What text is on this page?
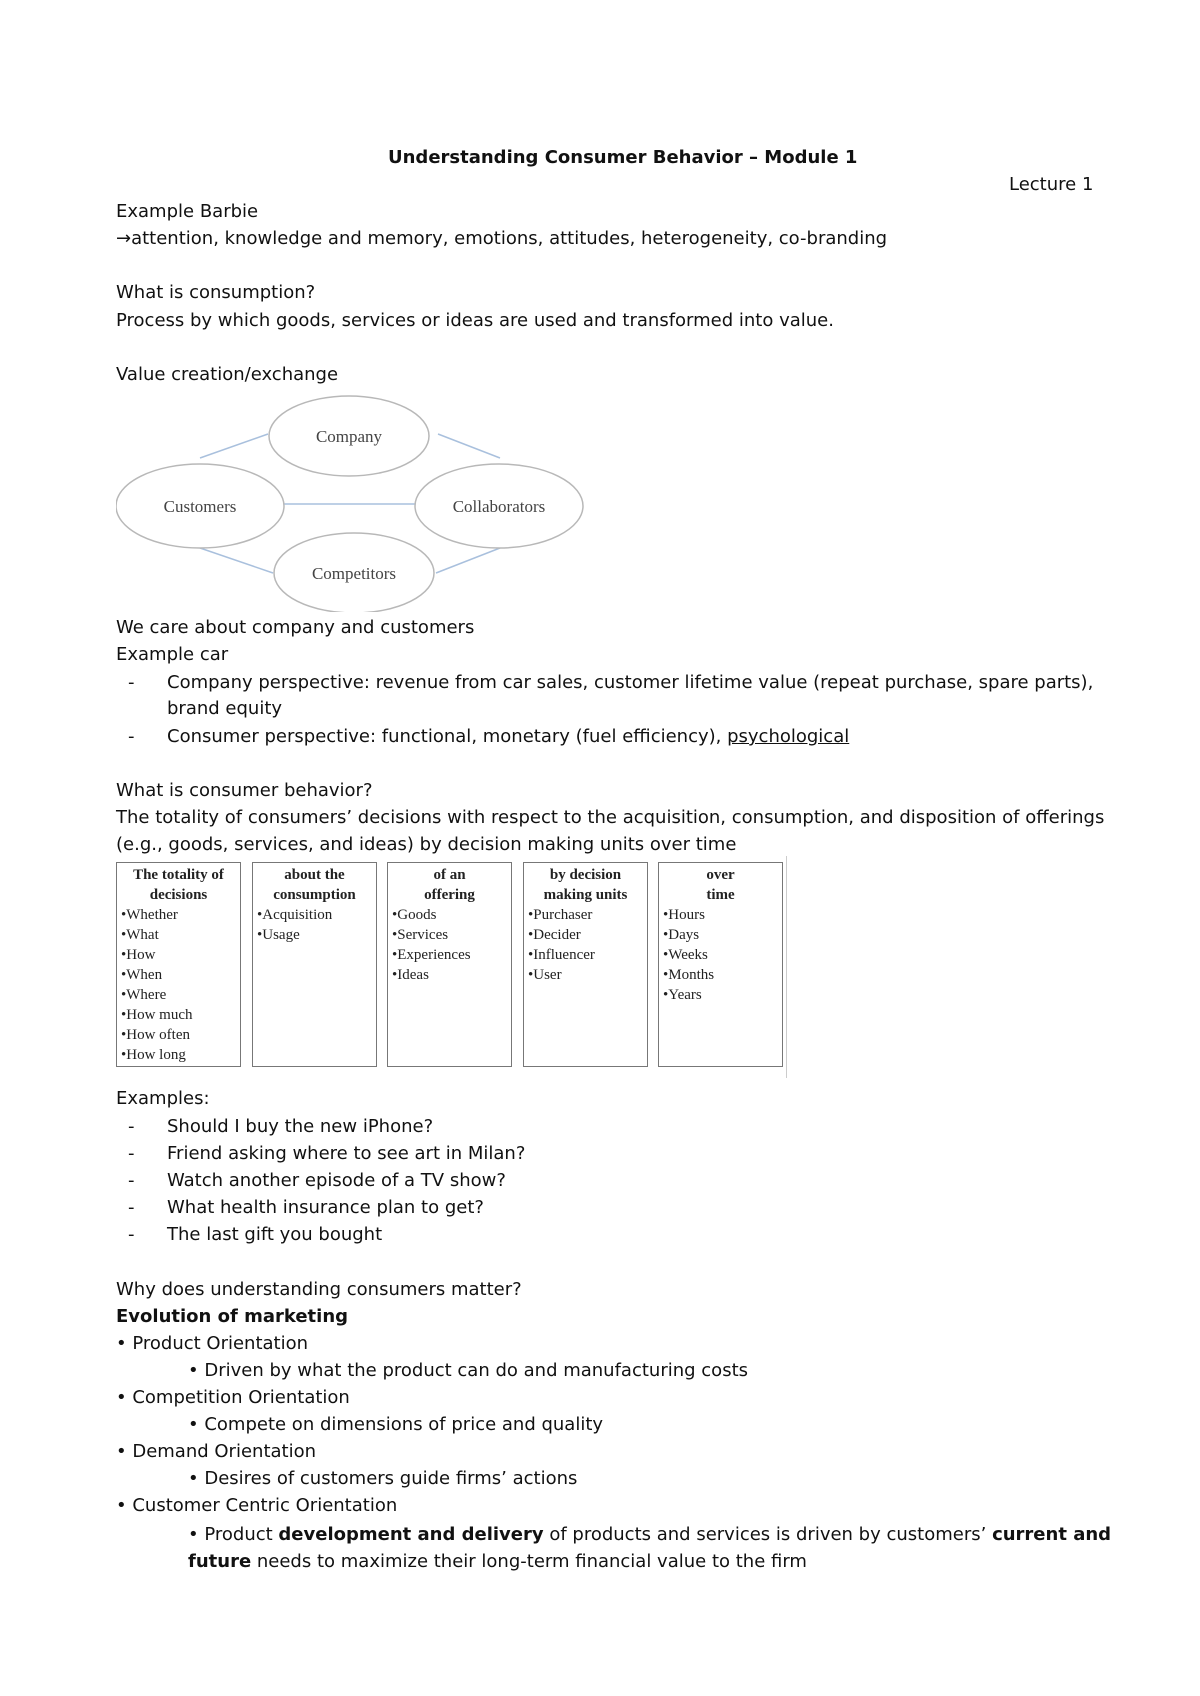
Understanding Consumer Behavior – Module 1
Lecture 1
Example Barbie
→attention, knowledge and memory, emotions, attitudes, heterogeneity, co-branding
What is consumption?
Process by which goods, services or ideas are used and transformed into value.
Value creation/exchange
Company
Customers	Collaborators
Competitors
We care about company and customers
Example car
- Company perspective: revenue from car sales, customer lifetime value (repeat purchase, spare parts),
brand equity
- Consumer perspective: functional, monetary (fuel efficiency), psychological
What is consumer behavior?
The totality of consumers’ decisions with respect to the acquisition, consumption, and disposition of offerings
(e.g., goods, services, and ideas) by decision making units over time
The totality of
decisions
• Whether
• What
• How
• When
• Where
• How much
• How often
• How long
about the
consumption
• Acquisition
• Usage
of an
offering
• Goods
• Services
• Experiences
• Ideas
by decision
making units
• Purchaser
• Decider
• Influencer
• User
over
time
• Hours
• Days
• Weeks
• Months
• Years
Examples:
- Should I buy the new iPhone?
- Friend asking where to see art in Milan?
- Watch another episode of a TV show?
- What health insurance plan to get?
- The last gift you bought
Why does understanding consumers matter?
Evolution of marketing
• Product Orientation
• Driven by what the product can do and manufacturing costs
• Competition Orientation
• Compete on dimensions of price and quality
• Demand Orientation
• Desires of customers guide firms’ actions
• Customer Centric Orientation
• Product development and delivery of products and services is driven by customers’ current and
future needs to maximize their long-term financial value to the firm
